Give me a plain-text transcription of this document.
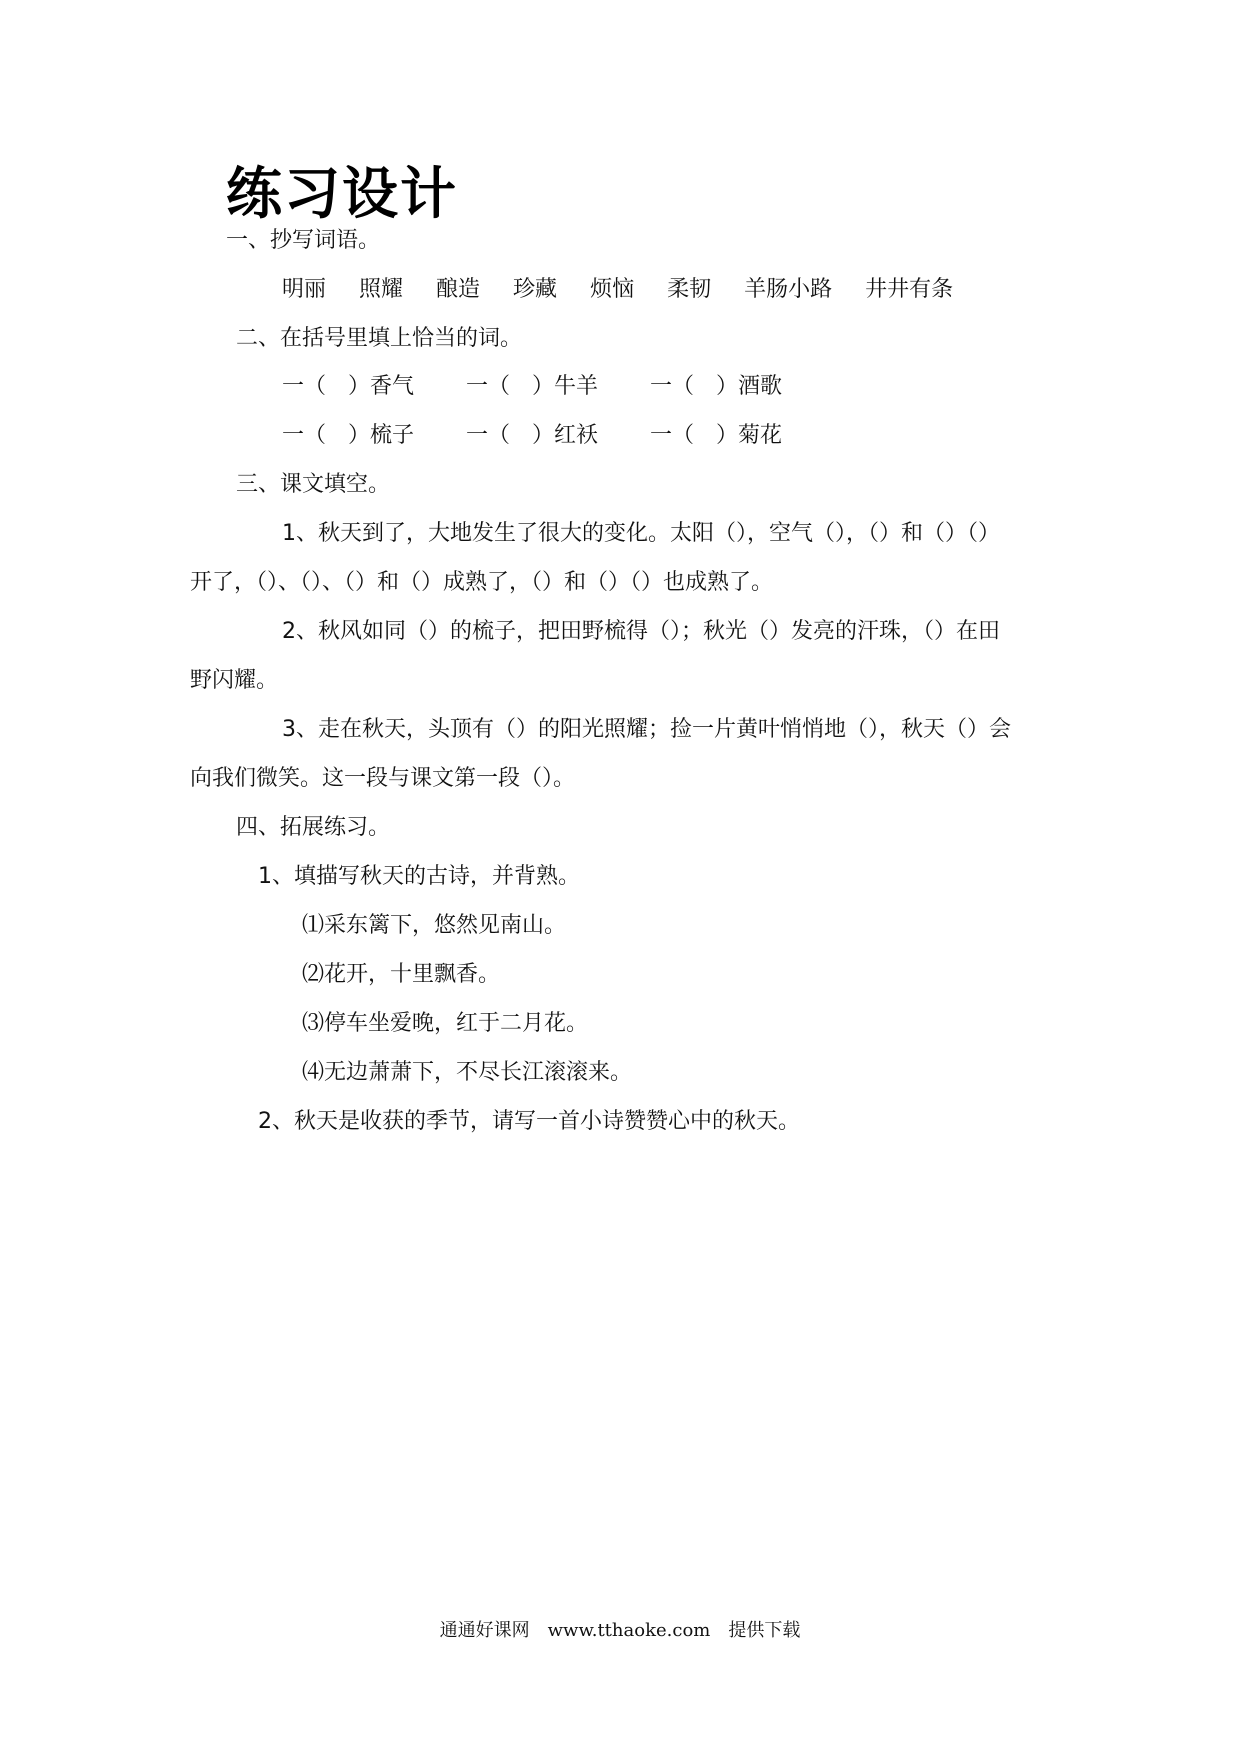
练习设计
一、抄写词语。
明丽 照耀 酿造 珍藏 烦恼 柔韧 羊肠小路 井井有条
二、在括号里填上恰当的词。
一（　）香气 一（　）牛羊 一（　）酒歌
一（　）梳子 一（　）红袄 一（　）菊花
三、课文填空。
1、秋天到了，大地发生了很大的变化。太阳（），空气（），（）和（）（）
开了，（）、（）、（）和（）成熟了，（）和（）（）也成熟了。
2、秋风如同（）的梳子，把田野梳得（）；秋光（）发亮的汗珠，（）在田
野闪耀。
3、走在秋天，头顶有（）的阳光照耀；捡一片黄叶悄悄地（），秋天（）会
向我们微笑。这一段与课文第一段（）。
四、拓展练习。
1、填描写秋天的古诗，并背熟。
⑴采东篱下，悠然见南山。
⑵花开，十里飘香。
⑶停车坐爱晚，红于二月花。
⑷无边萧萧下，不尽长江滚滚来。
2、秋天是收获的季节，请写一首小诗赞赞心中的秋天。
通通好课网　www.tthaoke.com　提供下载
